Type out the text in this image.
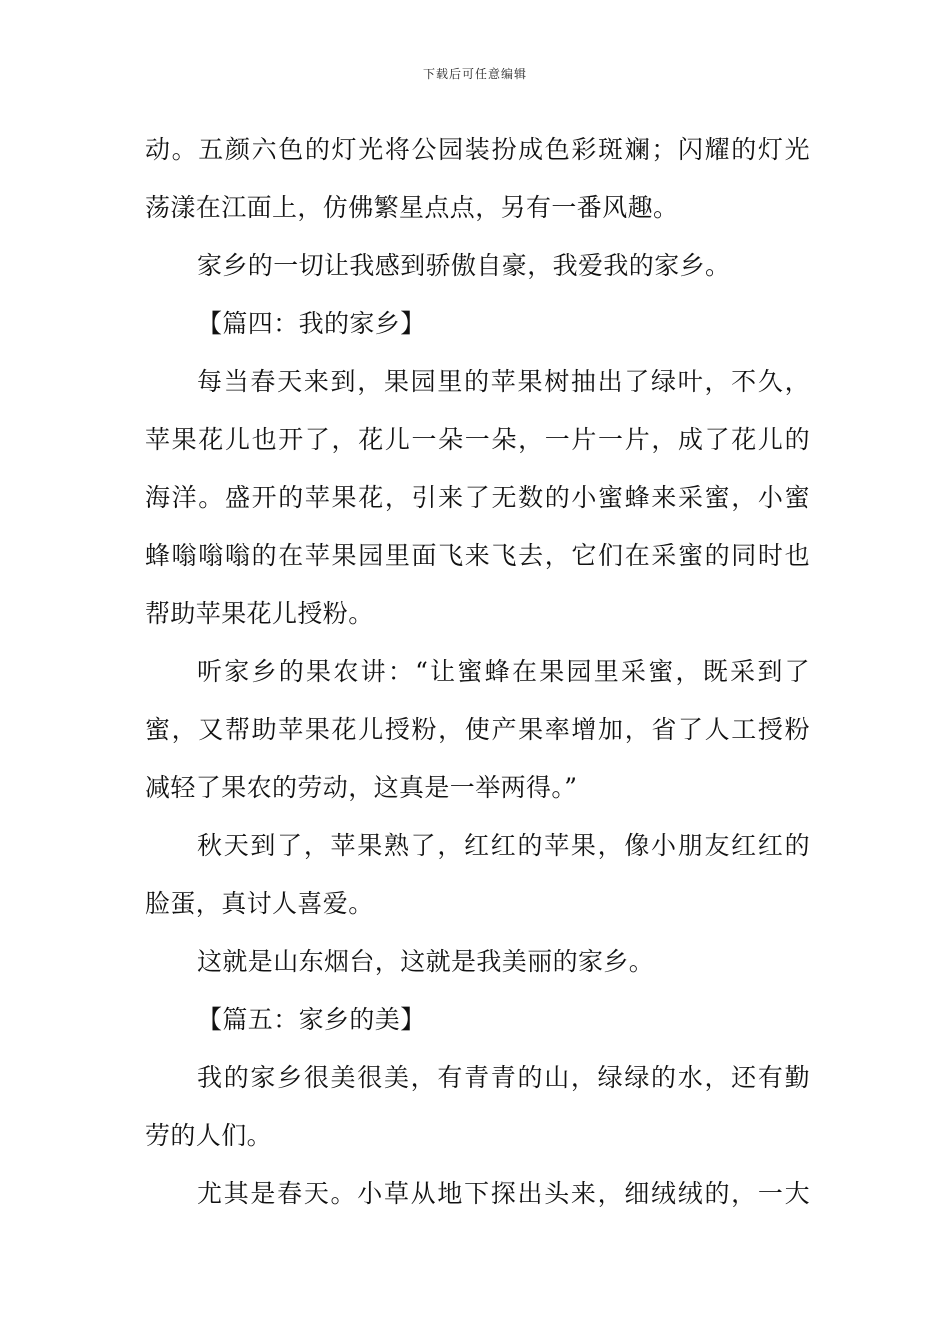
下载后可任意编辑
动。五颜六色的灯光将公园装扮成色彩斑斓；闪耀的灯光
荡漾在江面上，仿佛繁星点点，另有一番风趣。
家乡的一切让我感到骄傲自豪，我爱我的家乡。
【篇四：我的家乡】
每当春天来到，果园里的苹果树抽出了绿叶，不久，
苹果花儿也开了，花儿一朵一朵，一片一片，成了花儿的
海洋。盛开的苹果花，引来了无数的小蜜蜂来采蜜，小蜜
蜂嗡嗡嗡的在苹果园里面飞来飞去，它们在采蜜的同时也
帮助苹果花儿授粉。
听家乡的果农讲：“让蜜蜂在果园里采蜜，既采到了
蜜，又帮助苹果花儿授粉，使产果率增加，省了人工授粉
减轻了果农的劳动，这真是一举两得。”
秋天到了，苹果熟了，红红的苹果，像小朋友红红的
脸蛋，真讨人喜爱。
这就是山东烟台，这就是我美丽的家乡。
【篇五：家乡的美】
我的家乡很美很美，有青青的山，绿绿的水，还有勤
劳的人们。
尤其是春天。小草从地下探出头来，细绒绒的，一大
